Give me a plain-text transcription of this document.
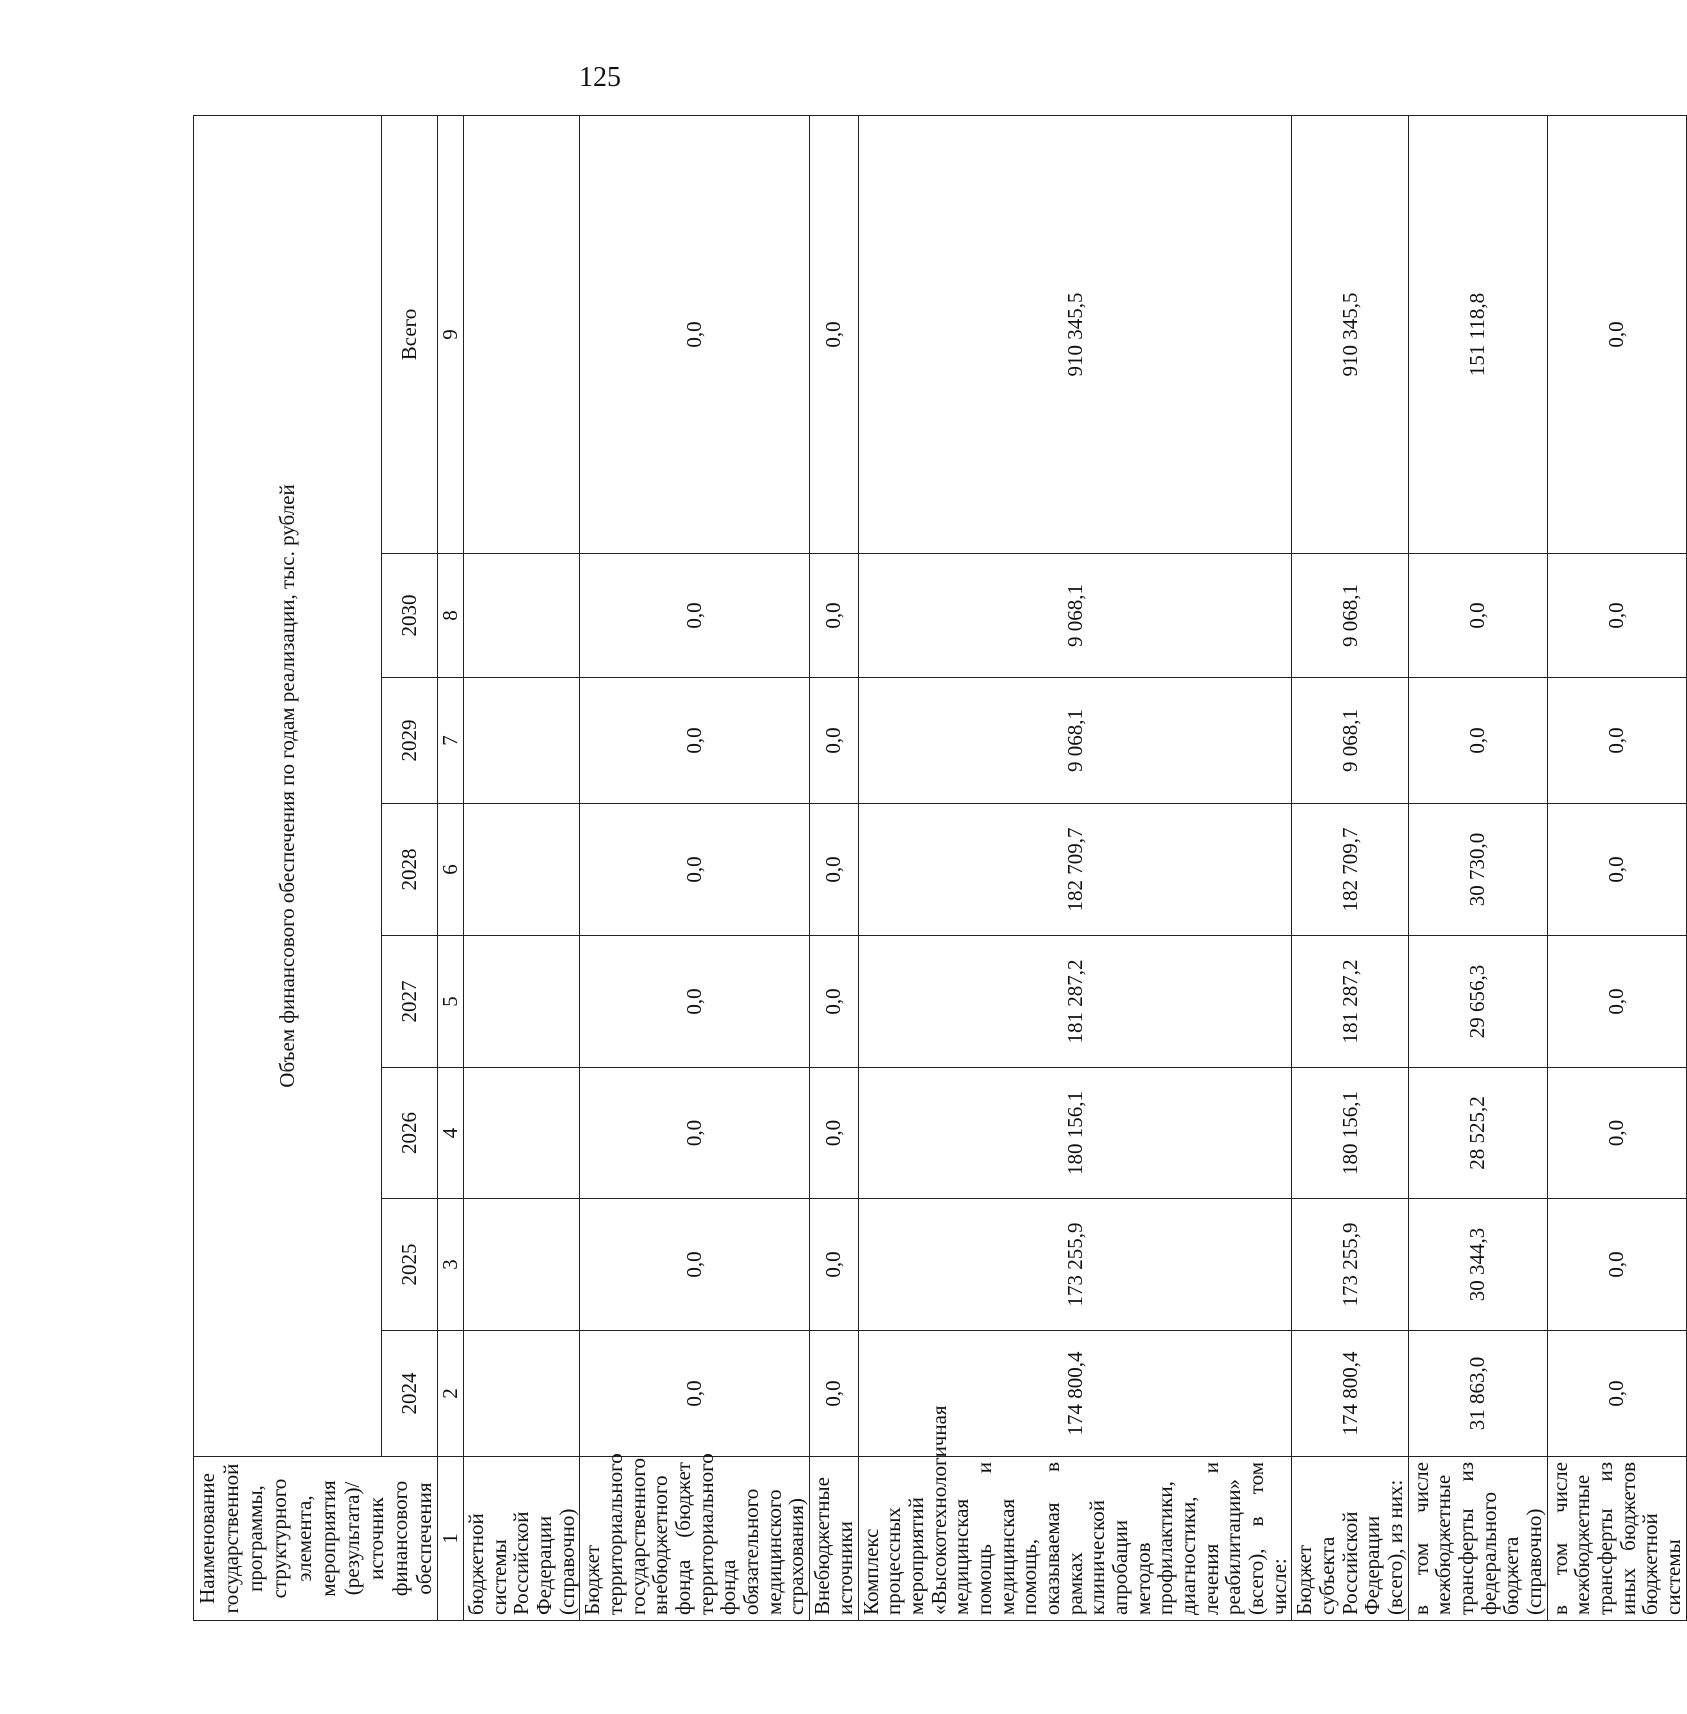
125
Наименование государственной программы, структурного элемента, мероприятия (результата)/источник финансового обеспечения	Объем финансового обеспечения по годам реализации, тыс. рублей							
	2024	2025	2026	2027	2028	2029	2030	Всего
1	2	3	4	5	6	7	8	9
бюджетной системы Российской Федерации (справочно)								
Бюджет территориального государственного внебюджетного фонда (бюджет территориального фонда обязательного медицинского страхования)	0,0	0,0	0,0	0,0	0,0	0,0	0,0	0,0
Внебюджетные источники	0,0	0,0	0,0	0,0	0,0	0,0	0,0	0,0
Комплекс процессных мероприятий «Высокотехнологичная медицинская помощь и медицинская помощь, оказываемая в рамках клинической апробации методов профилактики, диагностики, лечения и реабилитации» (всего), в том числе:	174 800,4	173 255,9	180 156,1	181 287,2	182 709,7	9 068,1	9 068,1	910 345,5
Бюджет субъекта Российской Федерации (всего), из них:	174 800,4	173 255,9	180 156,1	181 287,2	182 709,7	9 068,1	9 068,1	910 345,5
в том числе межбюджетные трансферты из федерального бюджета (справочно)	31 863,0	30 344,3	28 525,2	29 656,3	30 730,0	0,0	0,0	151 118,8
в том числе межбюджетные трансферты из иных бюджетов бюджетной системы	0,0	0,0	0,0	0,0	0,0	0,0	0,0	0,0
